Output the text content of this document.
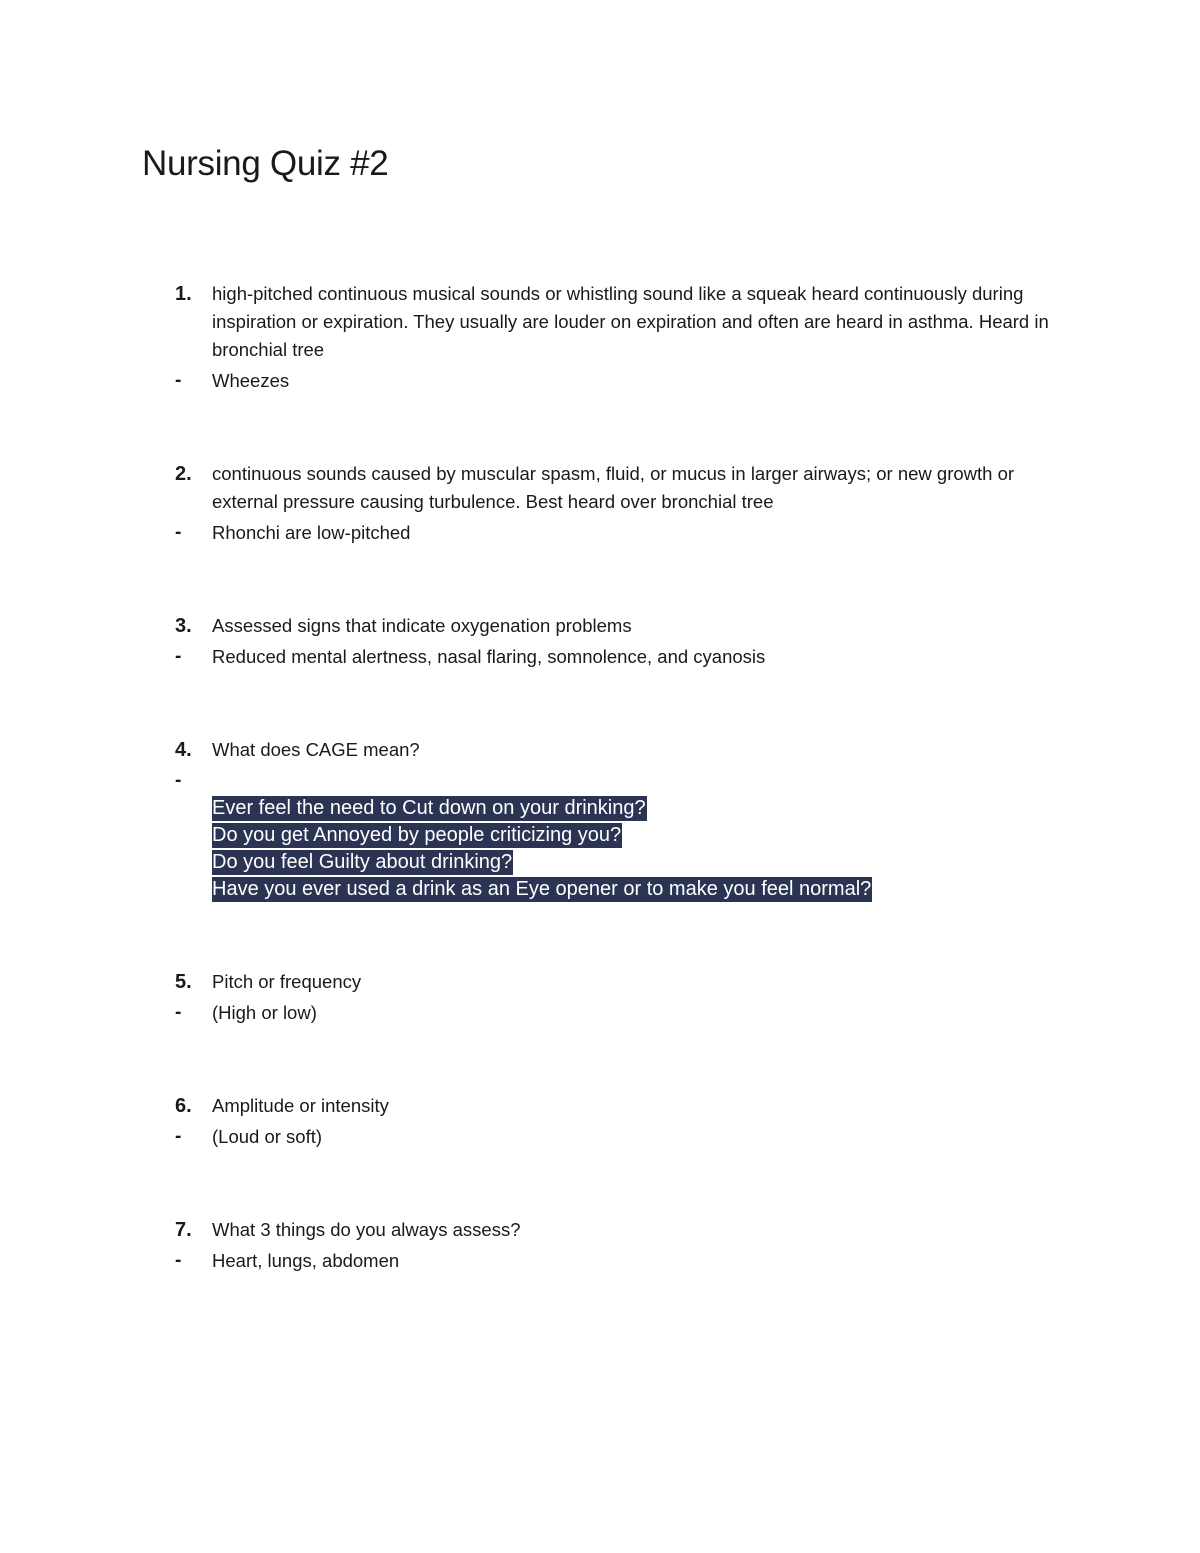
Nursing Quiz #2
1. high-pitched continuous musical sounds or whistling sound like a squeak heard continuously during inspiration or expiration. They usually are louder on expiration and often are heard in asthma. Heard in bronchial tree

- Wheezes
2. continuous sounds caused by muscular spasm, fluid, or mucus in larger airways; or new growth or external pressure causing turbulence. Best heard over bronchial tree

- Rhonchi are low-pitched
3. Assessed signs that indicate oxygenation problems

- Reduced mental alertness, nasal flaring, somnolence, and cyanosis
4. What does CAGE mean?

-
Ever feel the need to Cut down on your drinking?
Do you get Annoyed by people criticizing you?
Do you feel Guilty about drinking?
Have you ever used a drink as an Eye opener or to make you feel normal?
5. Pitch or frequency

- (High or low)
6. Amplitude or intensity

- (Loud or soft)
7. What 3 things do you always assess?

- Heart, lungs, abdomen
